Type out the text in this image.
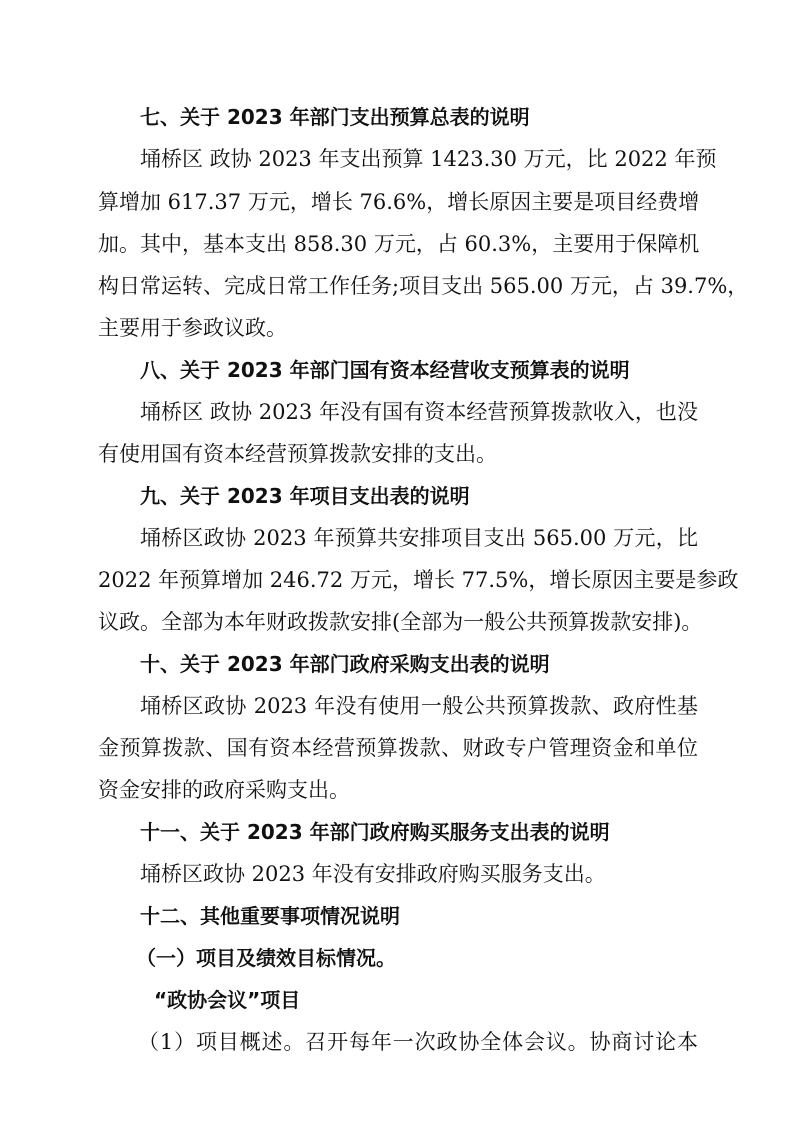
七、关于 2023 年部门支出预算总表的说明
埇桥区 政协 2023 年支出预算 1423.30 万元，比 2022 年预
算增加 617.37 万元，增长 76.6%，增长原因主要是项目经费增
加。其中，基本支出 858.30 万元，占 60.3%，主要用于保障机
构日常运转、完成日常工作任务;项目支出 565.00 万元，占 39.7%，
主要用于参政议政。
八、关于 2023 年部门国有资本经营收支预算表的说明
埇桥区 政协 2023 年没有国有资本经营预算拨款收入，也没
有使用国有资本经营预算拨款安排的支出。
九、关于 2023 年项目支出表的说明
埇桥区政协 2023 年预算共安排项目支出 565.00 万元，比
2022 年预算增加 246.72 万元，增长 77.5%，增长原因主要是参政
议政。全部为本年财政拨款安排(全部为一般公共预算拨款安排)。
十、关于 2023 年部门政府采购支出表的说明
埇桥区政协 2023 年没有使用一般公共预算拨款、政府性基
金预算拨款、国有资本经营预算拨款、财政专户管理资金和单位
资金安排的政府采购支出。
十一、关于 2023 年部门政府购买服务支出表的说明
埇桥区政协 2023 年没有安排政府购买服务支出。
十二、其他重要事项情况说明
（一）项目及绩效目标情况。
“政协会议”项目
（1）项目概述。召开每年一次政协全体会议。协商讨论本
